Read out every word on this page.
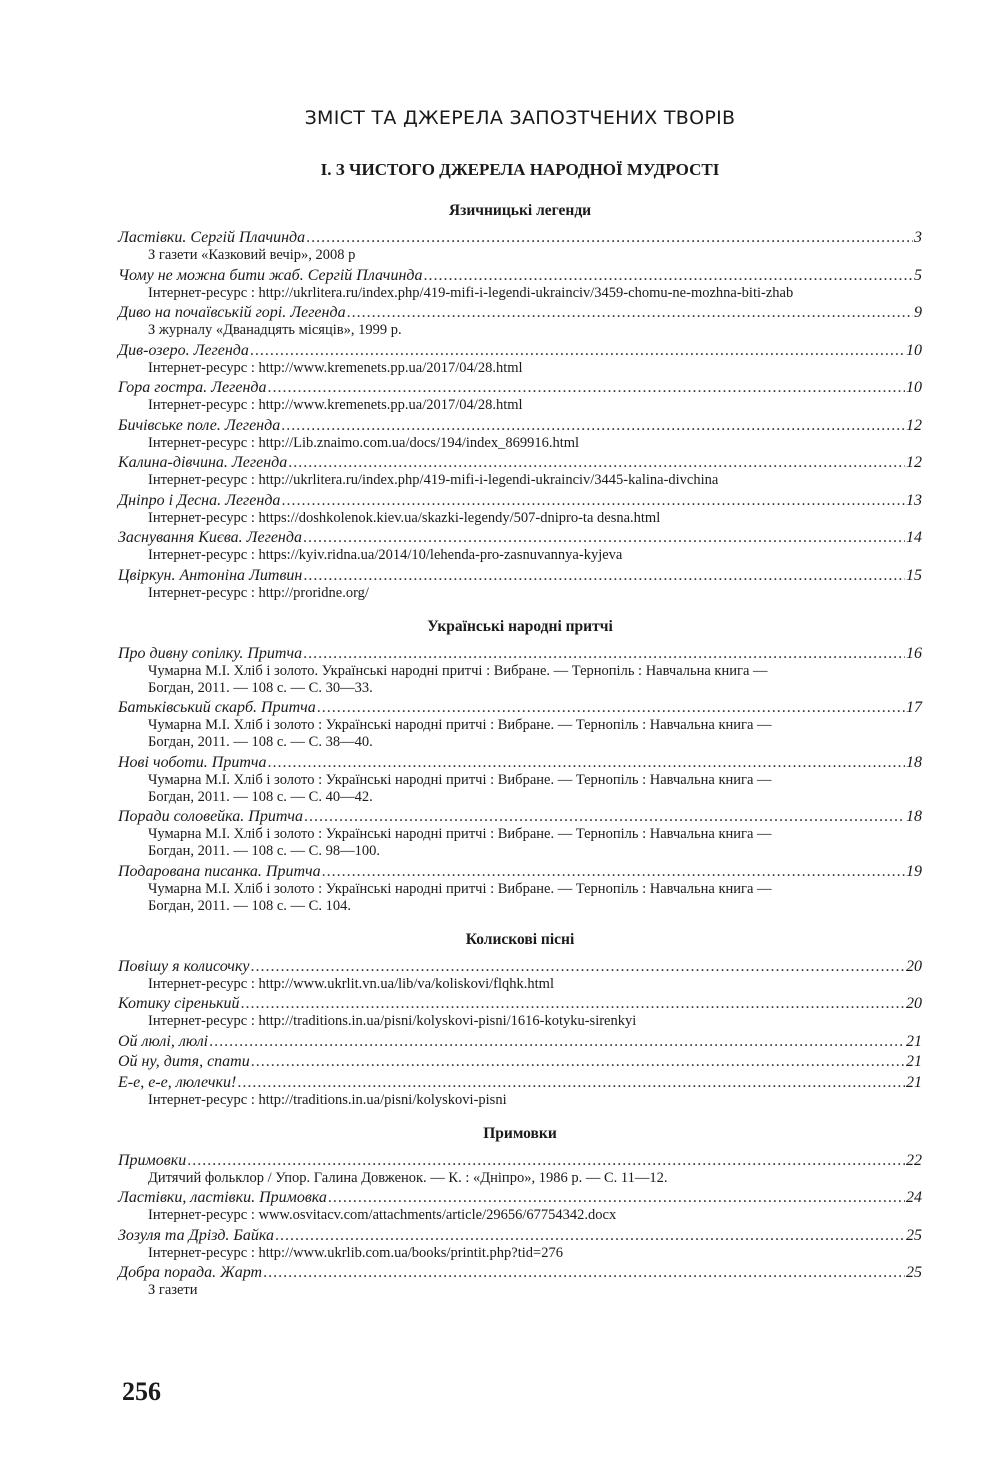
ЗМІСТ ТА ДЖЕРЕЛА ЗАПОЗТЧЕНИХ ТВОРІВ
І. З ЧИСТОГО ДЖЕРЕЛА НАРОДНОЇ МУДРОСТІ
Язичницькі легенди
Ластівки. Сергій Плачинда .....	3
З газети «Казковий вечір», 2008 р
Чому не можна бити жаб. Сергій Плачинда .....	5
Інтернет-ресурс : http://ukrlitera.ru/index.php/419-mifi-i-legendi-ukrainciv/3459-chomu-ne-mozhna-biti-zhab
Диво на почаївській горі. Легенда .....	9
З журналу «Дванадцять місяців», 1999 р.
Див-озеро. Легенда .....	10
Інтернет-ресурс : http://www.kremenets.pp.ua/2017/04/28.html
Гора гостра. Легенда .....	10
Інтернет-ресурс : http://www.kremenets.pp.ua/2017/04/28.html
Бичівське поле. Легенда .....	12
Інтернет-ресурс : http://Lib.znaimo.com.ua/docs/194/index_869916.html
Калина-дівчина. Легенда .....	12
Інтернет-ресурс : http://ukrlitera.ru/index.php/419-mifi-i-legendi-ukrainciv/3445-kalina-divchina
Дніпро і Десна. Легенда .....	13
Інтернет-ресурс : https://doshkolenok.kiev.ua/skazki-legendy/507-dnipro-ta desna.html
Заснування Києва. Легенда .....	14
Інтернет-ресурс : https://kyiv.ridna.ua/2014/10/lehenda-pro-zasnuvannya-kyjeva
Цвіркун. Антоніна Литвин .....	15
Інтернет-ресурс : http://proridne.org/
Українські народні притчі
Про дивну сопілку. Притча .....	16
Чумарна М.І. Хліб і золото. Українські народні притчі : Вибране. — Тернопіль : Навчальна книга —
Богдан, 2011. — 108 с. — С. 30—33.
Батьківський скарб. Притча .....	17
Чумарна М.І. Хліб і золото : Українські народні притчі : Вибране. — Тернопіль : Навчальна книга —
Богдан, 2011. — 108 с. — С. 38—40.
Нові чоботи. Притча .....	18
Чумарна М.І. Хліб і золото : Українські народні притчі : Вибране. — Тернопіль : Навчальна книга —
Богдан, 2011. — 108 с. — С. 40—42.
Поради соловейка. Притча .....	18
Чумарна М.І. Хліб і золото : Українські народні притчі : Вибране. — Тернопіль : Навчальна книга —
Богдан, 2011. — 108 с. — С. 98—100.
Подарована писанка. Притча .....	19
Чумарна М.І. Хліб і золото : Українські народні притчі : Вибране. — Тернопіль : Навчальна книга —
Богдан, 2011. — 108 с. — С. 104.
Колискові пісні
Повішу я колисочку .....	20
Інтернет-ресурс : http://www.ukrlit.vn.ua/lib/va/koliskovi/flqhk.html
Котику сіренький .....	20
Інтернет-ресурс : http://traditions.in.ua/pisni/kolyskovi-pisni/1616-kotyku-sirenkyi
Ой люлі, люлі .....	21
Ой ну, дитя, спати .....	21
Е-е, е-е, люлечки! .....	21
Інтернет-ресурс : http://traditions.in.ua/pisni/kolyskovi-pisni
Примовки
Примовки .....	22
Дитячий фольклор / Упор. Галина Довженок. — К. : «Дніпро», 1986 р. — С. 11—12.
Ластівки, ластівки. Примовка .....	24
Інтернет-ресурс : www.osvitacv.com/attachments/article/29656/67754342.docx
Зозуля та Дрізд. Байка .....	25
Інтернет-ресурс : http://www.ukrlib.com.ua/books/printit.php?tid=276
Добра порада. Жарт .....	25
З газети
256
